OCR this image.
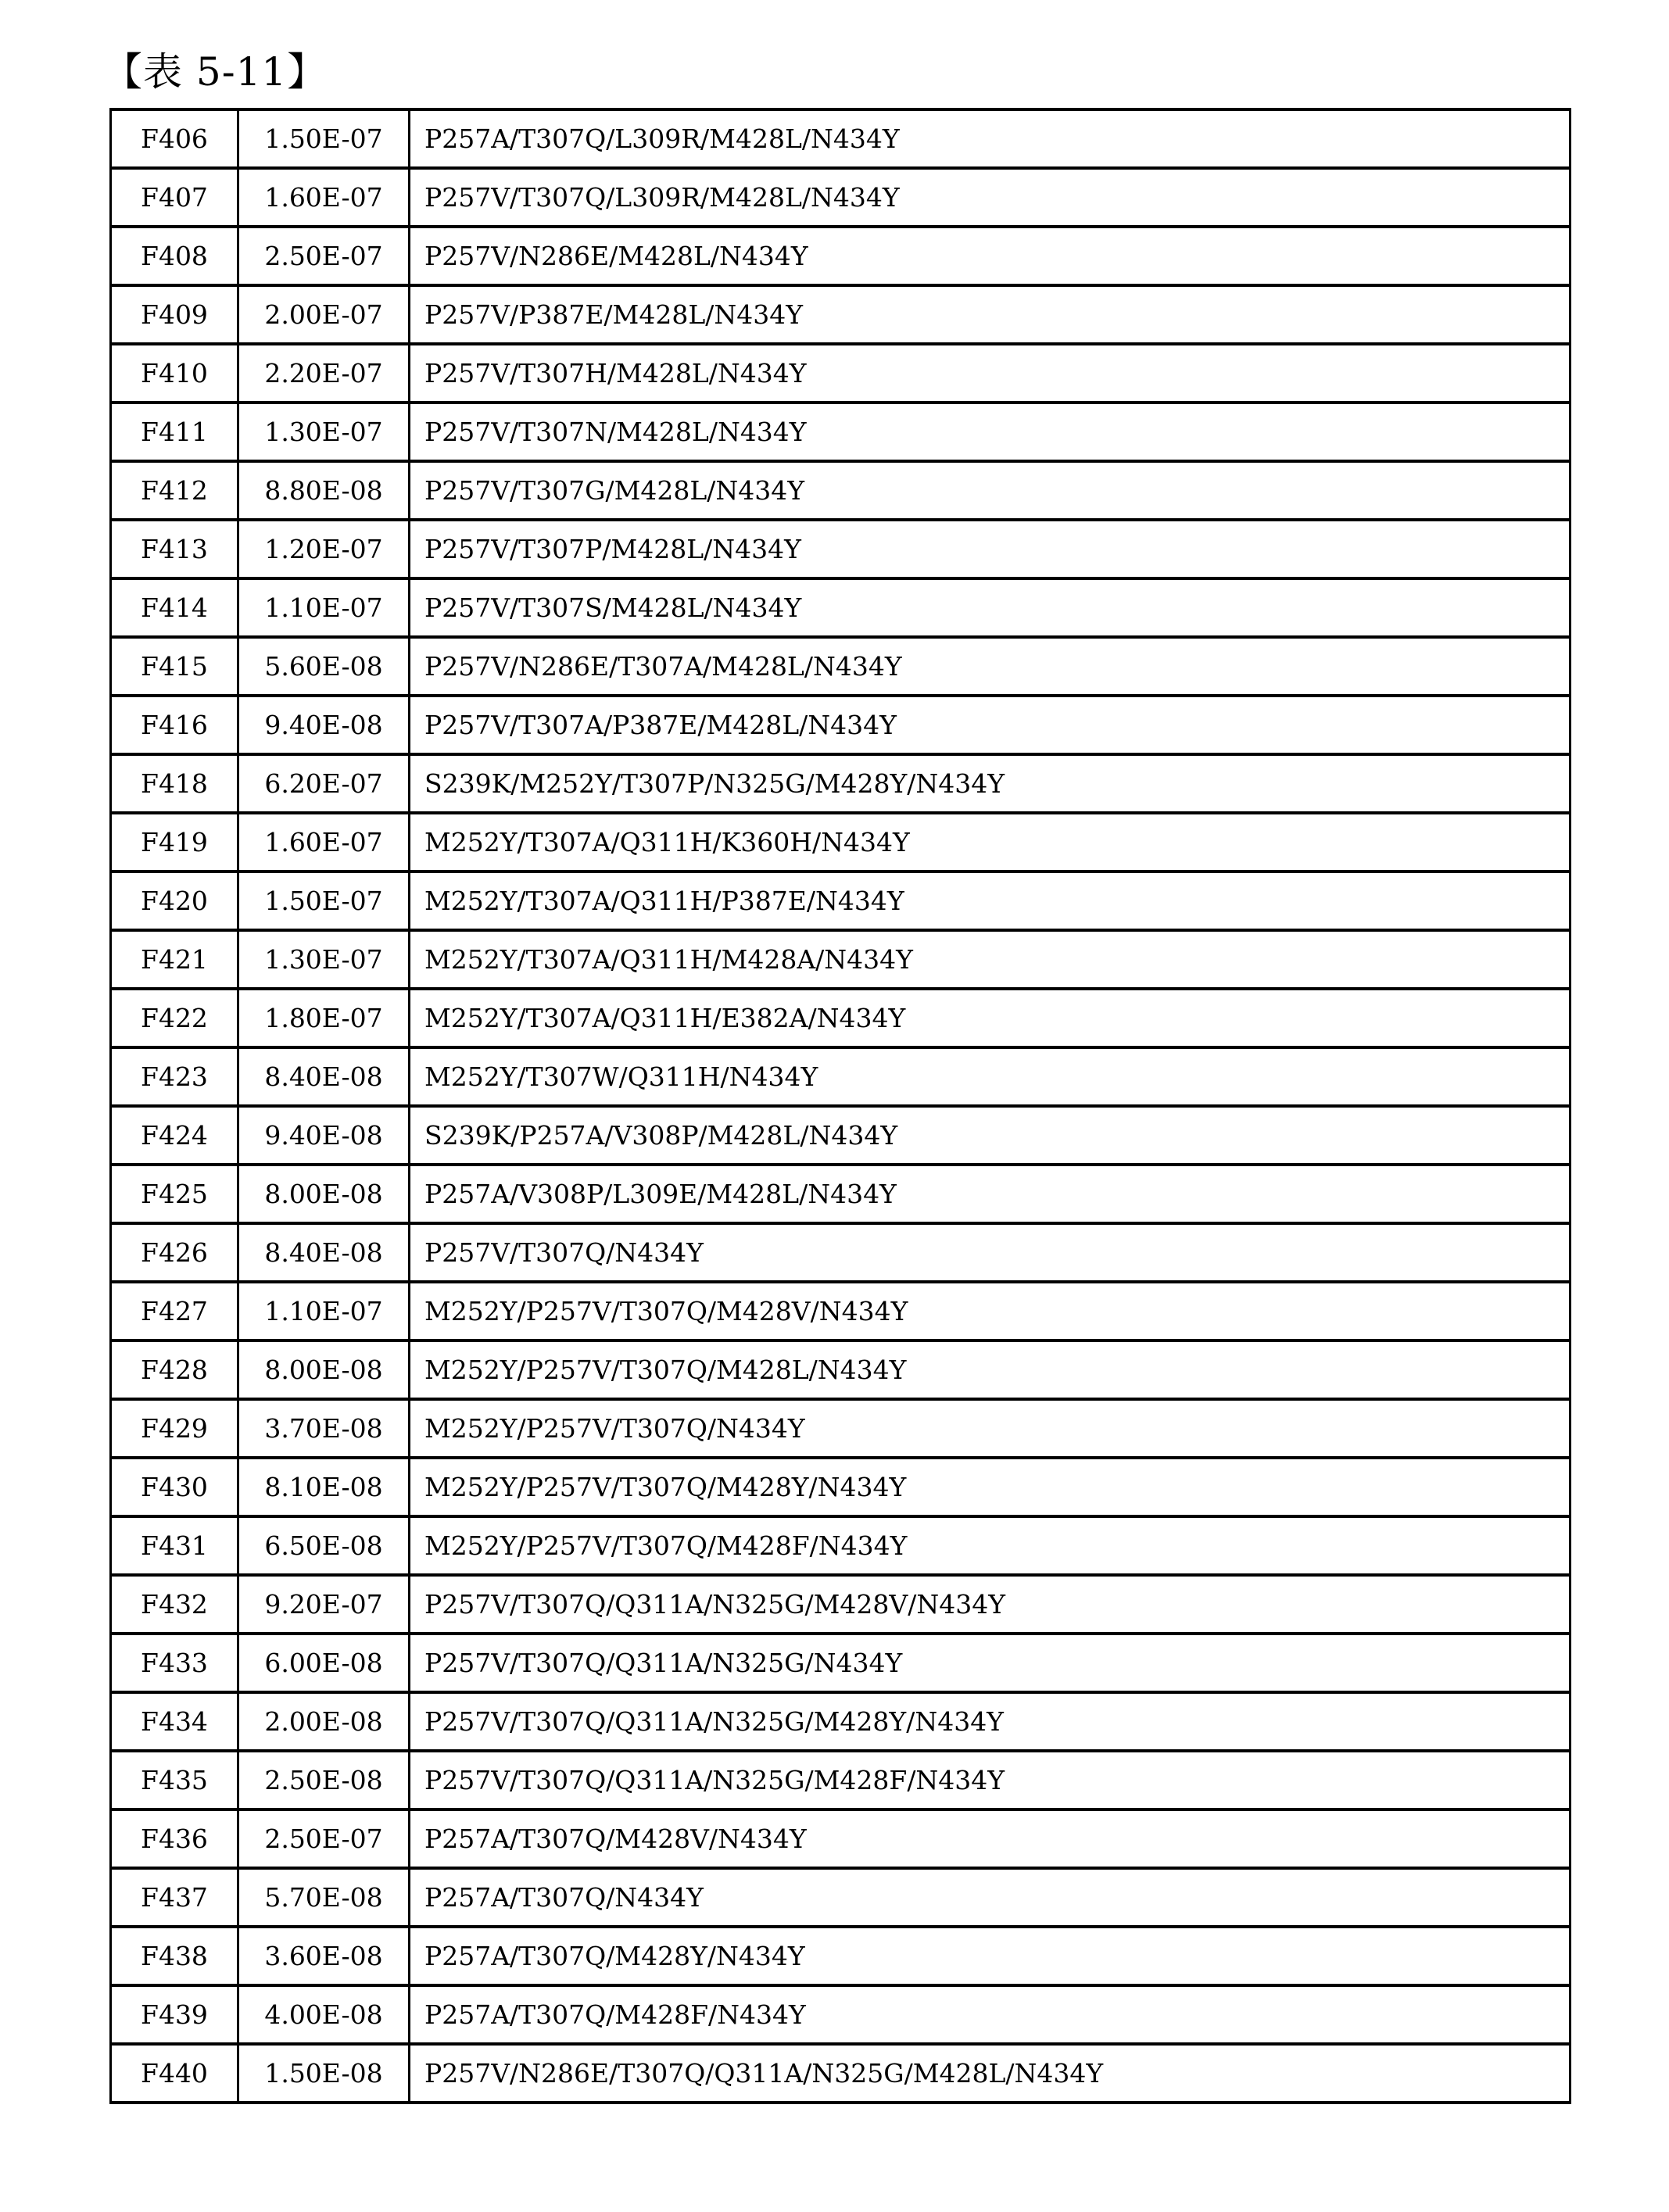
【表 5-11】
F406	1.50E-07	P257A/T307Q/L309R/M428L/N434Y
F407	1.60E-07	P257V/T307Q/L309R/M428L/N434Y
F408	2.50E-07	P257V/N286E/M428L/N434Y
F409	2.00E-07	P257V/P387E/M428L/N434Y
F410	2.20E-07	P257V/T307H/M428L/N434Y
F411	1.30E-07	P257V/T307N/M428L/N434Y
F412	8.80E-08	P257V/T307G/M428L/N434Y
F413	1.20E-07	P257V/T307P/M428L/N434Y
F414	1.10E-07	P257V/T307S/M428L/N434Y
F415	5.60E-08	P257V/N286E/T307A/M428L/N434Y
F416	9.40E-08	P257V/T307A/P387E/M428L/N434Y
F418	6.20E-07	S239K/M252Y/T307P/N325G/M428Y/N434Y
F419	1.60E-07	M252Y/T307A/Q311H/K360H/N434Y
F420	1.50E-07	M252Y/T307A/Q311H/P387E/N434Y
F421	1.30E-07	M252Y/T307A/Q311H/M428A/N434Y
F422	1.80E-07	M252Y/T307A/Q311H/E382A/N434Y
F423	8.40E-08	M252Y/T307W/Q311H/N434Y
F424	9.40E-08	S239K/P257A/V308P/M428L/N434Y
F425	8.00E-08	P257A/V308P/L309E/M428L/N434Y
F426	8.40E-08	P257V/T307Q/N434Y
F427	1.10E-07	M252Y/P257V/T307Q/M428V/N434Y
F428	8.00E-08	M252Y/P257V/T307Q/M428L/N434Y
F429	3.70E-08	M252Y/P257V/T307Q/N434Y
F430	8.10E-08	M252Y/P257V/T307Q/M428Y/N434Y
F431	6.50E-08	M252Y/P257V/T307Q/M428F/N434Y
F432	9.20E-07	P257V/T307Q/Q311A/N325G/M428V/N434Y
F433	6.00E-08	P257V/T307Q/Q311A/N325G/N434Y
F434	2.00E-08	P257V/T307Q/Q311A/N325G/M428Y/N434Y
F435	2.50E-08	P257V/T307Q/Q311A/N325G/M428F/N434Y
F436	2.50E-07	P257A/T307Q/M428V/N434Y
F437	5.70E-08	P257A/T307Q/N434Y
F438	3.60E-08	P257A/T307Q/M428Y/N434Y
F439	4.00E-08	P257A/T307Q/M428F/N434Y
F440	1.50E-08	P257V/N286E/T307Q/Q311A/N325G/M428L/N434Y
